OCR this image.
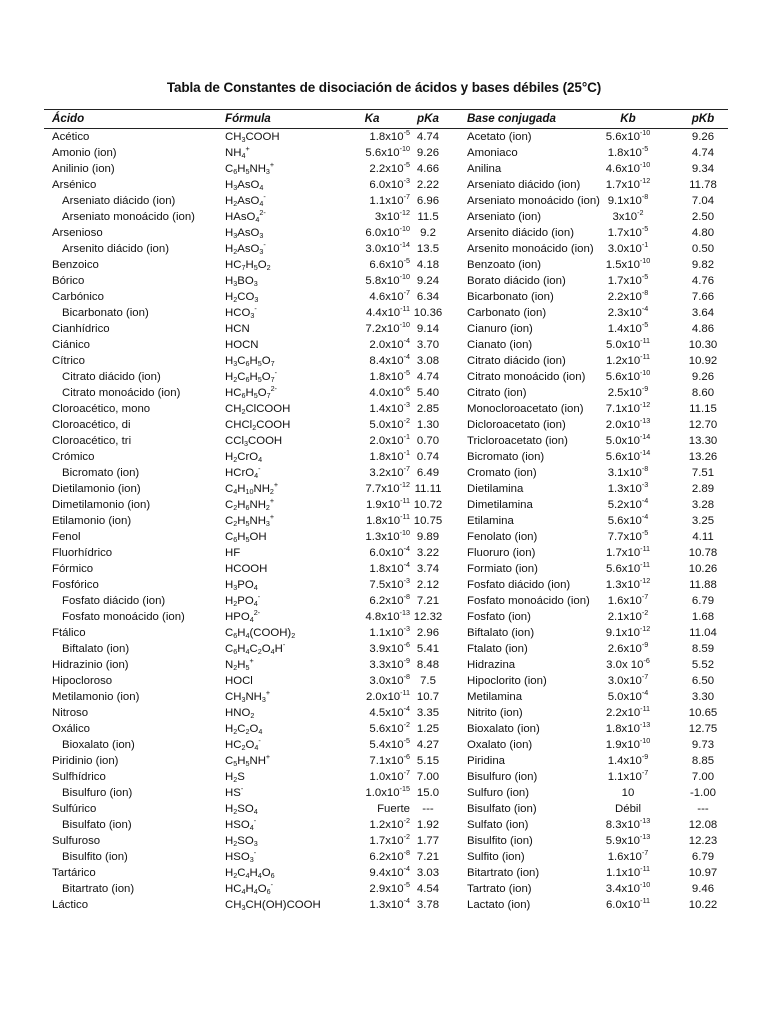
Tabla de Constantes de disociación de ácidos y bases débiles (25°C)
Ácido	Fórmula	Ka	pKa	Base conjugada	Kb	pKb
Acético	$CH_3COOH$	$1.8x10^{-5}$ 4.74	Acetato (ion)	$5.6x10^{-10}$	9.26
Amonio (ion)	$NH_4^+$	$5.6x10^{-10}$ 9.26	Amoniaco	$1.8x10^{-5}$	4.74
Anilinio (ion)	$C_6H_5NH_3^+$	$2.2x10^{-5}$ 4.66	Anilina	$4.6x10^{-10}$	9.34
Arsénico	$H_3AsO_4$	$6.0x10^{-3}$ 2.22	Arseniato diácido (ion)	$1.7x10^{-12}$	11.78
Arseniato diácido (ion)	$H_2AsO_4^-$	$1.1x10^{-7}$ 6.96	Arseniato monoácido (ion) $9.1x10^{-8}$	7.04
Arseniato monoácido (ion)	HAsO$_4^{2-}$	$3x10^{-12}$ 11.5	Arseniato (ion)	$3x10^{-2}$	2.50
Arsenioso	$H_3AsO_3$	$6.0x10^{-10}$ 9.2	Arsenito diácido (ion)	$1.7x10^{-5}$	4.80
Arsenito diácido (ion)	$H_2AsO_3^-$	$3.0x10^{-14}$ 13.5	Arsenito monoácido (ion)	$3.0x10^{-1}$	0.50
Benzoico	$HC_7H_5O_2$	$6.6x10^{-5}$ 4.18	Benzoato (ion)	$1.5x10^{-10}$	9.82
Bórico	$H_3BO_3$	$5.8x10^{-10}$ 9.24	Borato diácido (ion)	$1.7x10^{-5}$	4.76
Carbónico	$H_2CO_3$	$4.6x10^{-7}$ 6.34	Bicarbonato (ion)	$2.2x10^{-8}$	7.66
Bicarbonato (ion)	$HCO_3^-$	$4.4x10^{-11}$ 10.36	Carbonato (ion)	$2.3x10^{-4}$	3.64
Cianhídrico	HCN	$7.2x10^{-10}$ 9.14	Cianuro (ion)	$1.4x10^{-5}$	4.86
Ciánico	HOCN	$2.0x10^{-4}$ 3.70	Cianato (ion)	$5.0x10^{-11}$	10.30
Cítrico	$H_3C_6H_5O_7$	$8.4x10^{-4}$ 3.08	Citrato diácido (ion)	$1.2x10^{-11}$	10.92
Citrato diácido (ion)	$H_2C_6H_5O_7^-$	$1.8x10^{-5}$ 4.74	Citrato monoácido (ion)	$5.6x10^{-10}$	9.26
Citrato monoácido (ion)	$HC_6H_5O_7^{2-}$	$4.0x10^{-6}$ 5.40	Citrato (ion)	$2.5x10^{-9}$	8.60
Cloroacético, mono	$CH_2ClCOOH$	$1.4x10^{-3}$ 2.85	Monocloroacetato (ion)	$7.1x10^{-12}$	11.15
Cloroacético, di	CHCl$_2$COOH	$5.0x10^{-2}$ 1.30	Dicloroacetato (ion)	$2.0x10^{-13}$	12.70
Cloroacético, tri	CCl$_3$COOH	$2.0x10^{-1}$ 0.70	Tricloroacetato (ion)	$5.0x10^{-14}$	13.30
Crómico	$H_2CrO_4$	$1.8x10^{-1}$ 0.74	Bicromato (ion)	$5.6x10^{-14}$	13.26
Bicromato (ion)	HCrO$_4$-	$3.2x10^{-7}$ 6.49	Cromato (ion)	$3.1x10^{-8}$	7.51
Dietilamonio (ion)	$C_4H_{10}NH_2^+$	$7.7x10^{-12}$ 11.11	Dietilamina	$1.3x10^{-3}$	2.89
Dimetilamonio (ion)	$C_2H_6NH_2^+$	$1.9x10^{-11}$ 10.72	Dimetilamina	$5.2x10^{-4}$	3.28
Etilamonio (ion)	$C_2H_5NH_3^+$	$1.8x10^{-11}$ 10.75	Etilamina	$5.6x10^{-4}$	3.25
Fenol	$C_6H_5OH$	$1.3x10^{-10}$ 9.89	Fenolato (ion)	$7.7x10^{-5}$	4.11
Fluorhídrico	HF	$6.0x10^{-4}$ 3.22	Fluoruro (ion)	$1.7x10^{-11}$	10.78
Fórmico	HCOOH	$1.8x10^{-4}$ 3.74	Formiato (ion)	$5.6x10^{-11}$	10.26
Fosfórico	$H_3PO_4$	$7.5x10^{-3}$ 2.12	Fosfato diácido (ion)	$1.3x10^{-12}$	11.88
Fosfato diácido (ion)	$H_2PO_4^-$	$6.2x10^{-8}$ 7.21	Fosfato monoácido (ion)	$1.6x10^{-7}$	6.79
Fosfato monoácido (ion)	$HPO_4^{2-}$	$4.8x10^{-13}$ 12.32	Fosfato (ion)	$2.1x10^{-2}$	1.68
Ftálico	$C_6H_4(COOH)_2$	$1.1x10^{-3}$ 2.96	Biftalato (ion)	$9.1x10^{-12}$	11.04
Biftalato (ion)	$C_6H_4C_2O_4H^-$	$3.9x10^{-6}$ 5.41	Ftalato (ion)	$2.6x10^{-9}$	8.59
Hidrazinio (ion)	$N_2H_5^+$	$3.3x10^{-9}$ 8.48	Hidrazina	3.0x $10^{-6}$	5.52
Hipocloroso	HOCl	$3.0x10^{-8}$ 7.5	Hipoclorito (ion)	$3.0x10^{-7}$	6.50
Metilamonio (ion)	$CH_3NH_3^+$	$2.0x10^{-11}$ 10.7	Metilamina	$5.0x10^{-4}$	3.30
Nitroso	$HNO_2$	$4.5x10^{-4}$ 3.35	Nitrito (ion)	$2.2x10^{-11}$	10.65
Oxálico	$H_2C_2O_4$	$5.6x10^{-2}$ 1.25	Bioxalato (ion)	$1.8x10^{-13}$	12.75
Bioxalato (ion)	$HC_2O_4^-$	$5.4x10^{-5}$ 4.27	Oxalato (ion)	$1.9x10^{-10}$	9.73
Piridinio (ion)	$C_5H_5NH^+$	$7.1x10^{-6}$ 5.15	Piridina	$1.4x10^{-9}$	8.85
Sulfhídrico	$H_2S$	$1.0x10^{-7}$ 7.00	Bisulfuro (ion)	$1.1x10^{-7}$	7.00
Bisulfuro (ion)	HS-	$1.0x10^{-15}$ 15.0	Sulfuro (ion)	10	-1.00
Sulfúrico	$H_2SO_4$	Fuerte	---	Bisulfato (ion)	Débil	---
Bisulfato (ion)	$HSO_4^-$	$1.2x10^{-2}$ 1.92	Sulfato (ion)	$8.3x10^{-13}$	12.08
Sulfuroso	$H_2SO_3$	$1.7x10^{-2}$ 1.77	Bisulfito (ion)	$5.9x10^{-13}$	12.23
Bisulfito (ion)	$HSO_3^-$	$6.2x10^{-8}$ 7.21	Sulfito (ion)	$1.6x10^{-7}$	6.79
Tartárico	$H_2C_4H_4O_6$	$9.4x10^{-4}$ 3.03	Bitartrato (ion)	$1.1x10^{-11}$	10.97
Bitartrato (ion)	$HC_4H_4O_6^-$	$2.9x10^{-5}$ 4.54	Tartrato (ion)	$3.4x10^{-10}$	9.46
Láctico	$CH_3CH(OH)COOH$	$1.3x10^{-4}$ 3.78	Lactato (ion)	$6.0x10^{-11}$	10.22
